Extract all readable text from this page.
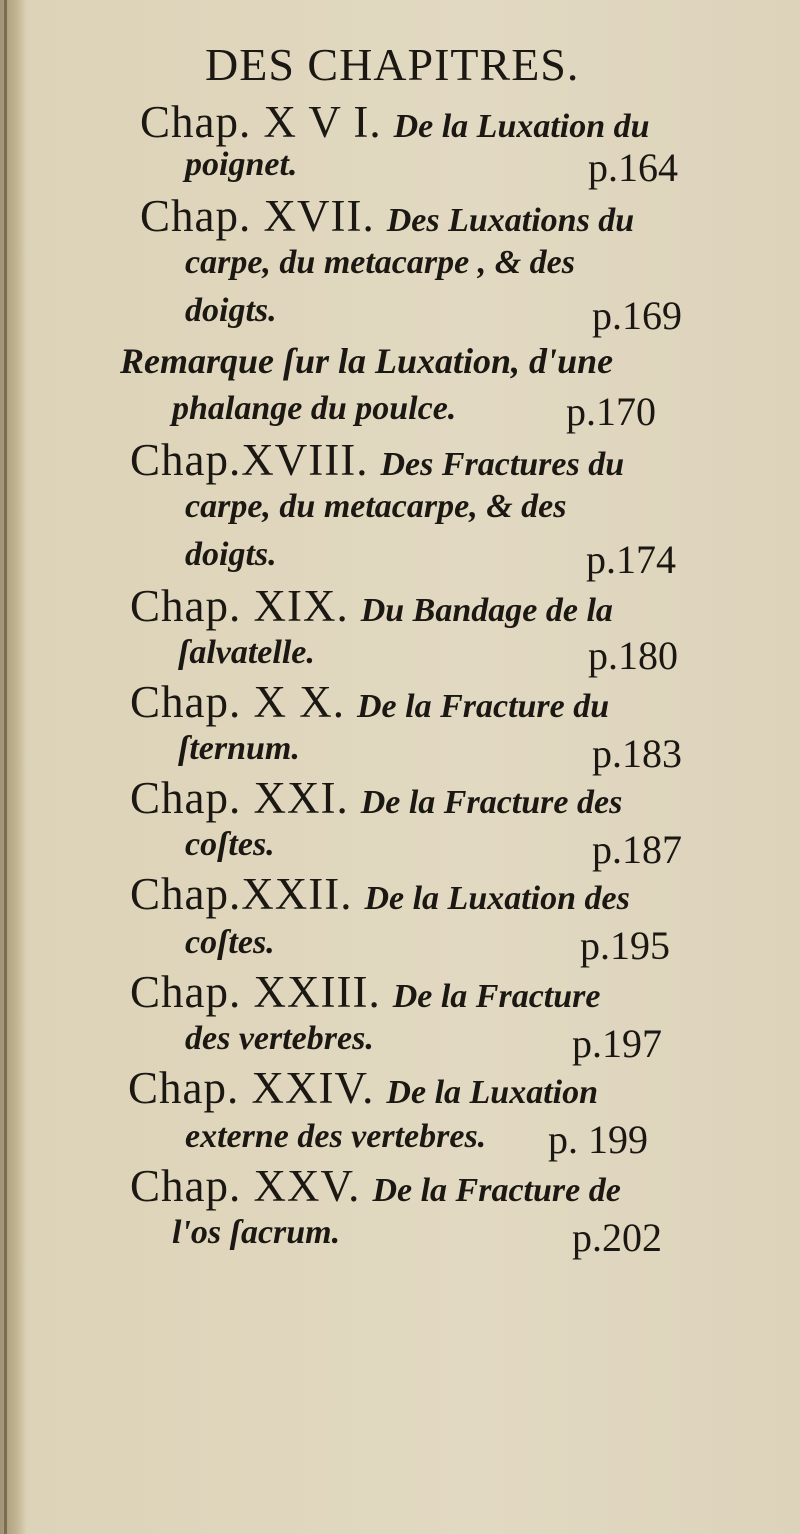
DES CHAPITRES.
Chap. X V I. De la Luxation du
poignet.	p.164
Chap. XVII. Des Luxations du
carpe, du metacarpe , & des
doigts.	p.169
Remarque ſur la Luxation, d'une
phalange du poulce.	p.170
Chap.XVIII. Des Fractures du
carpe, du metacarpe, & des
doigts.	p.174
Chap. XIX. Du Bandage de la
ſalvatelle.	p.180
Chap. X X. De la Fracture du
ſternum.	p.183
Chap. XXI. De la Fracture des
coſtes.	p.187
Chap.XXII. De la Luxation des
coſtes.	p.195
Chap. XXIII. De la Fracture
des vertebres.	p.197
Chap. XXIV. De la Luxation
externe des vertebres. p. 199
Chap. XXV. De la Fracture de
l'os ſacrum.	p.202
